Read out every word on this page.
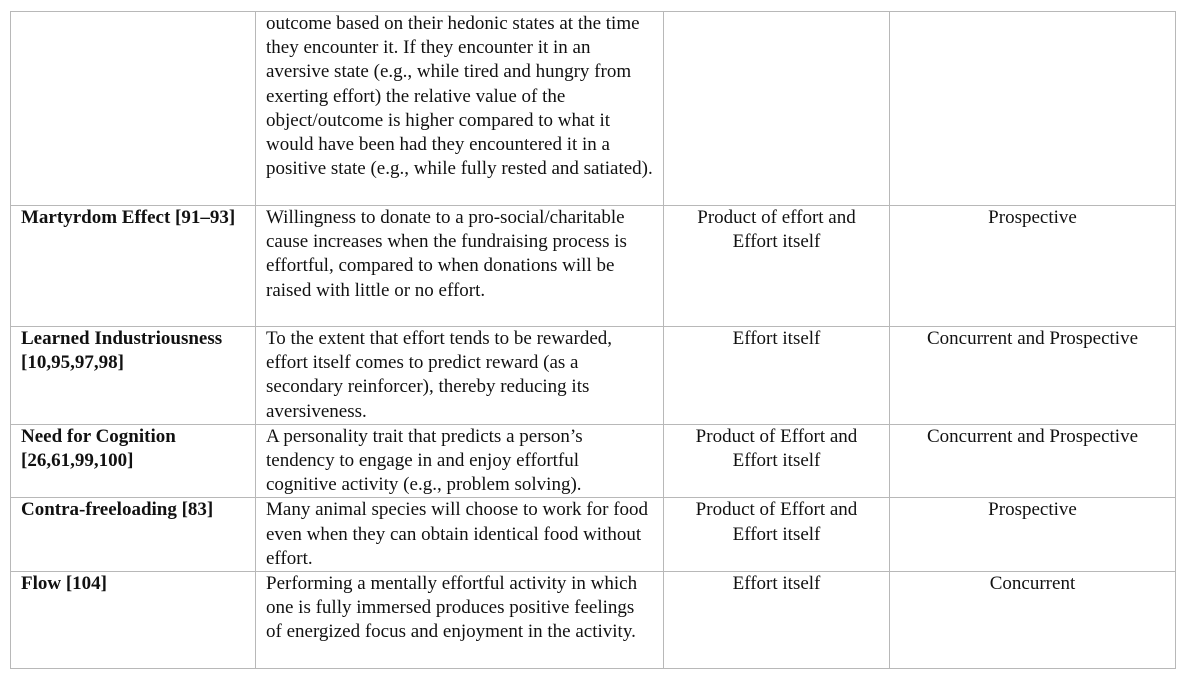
	outcome based on their hedonic states at the time they encounter it. If they encounter it in an aversive state (e.g., while tired and hungry from exerting effort) the relative value of the object/outcome is higher compared to what it would have been had they encountered it in a positive state (e.g., while fully rested and satiated).		
Martyrdom Effect [91–93]	Willingness to donate to a pro-social/charitable cause increases when the fundraising process is effortful, compared to when donations will be raised with little or no effort.	Product of effort and Effort itself	Prospective
Learned Industriousness [10,95,97,98]	To the extent that effort tends to be rewarded, effort itself comes to predict reward (as a secondary reinforcer), thereby reducing its aversiveness.	Effort itself	Concurrent and Prospective
Need for Cognition [26,61,99,100]	A personality trait that predicts a person’s tendency to engage in and enjoy effortful cognitive activity (e.g., problem solving).	Product of Effort and Effort itself	Concurrent and Prospective
Contra-freeloading [83]	Many animal species will choose to work for food even when they can obtain identical food without effort.	Product of Effort and Effort itself	Prospective
Flow [104]	Performing a mentally effortful activity in which one is fully immersed produces positive feelings of energized focus and enjoyment in the activity.	Effort itself	Concurrent
